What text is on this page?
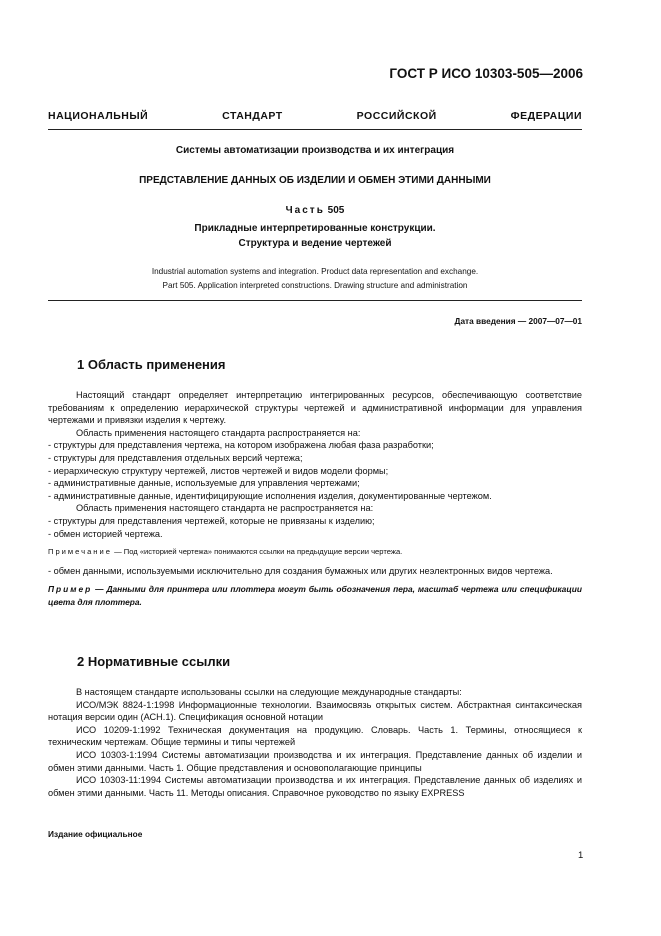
ГОСТ Р ИСО 10303-505—2006
НАЦИОНАЛЬНЫЙ СТАНДАРТ РОССИЙСКОЙ ФЕДЕРАЦИИ
Системы автоматизации производства и их интеграция
ПРЕДСТАВЛЕНИЕ ДАННЫХ ОБ ИЗДЕЛИИ И ОБМЕН ЭТИМИ ДАННЫМИ
Часть 505
Прикладные интерпретированные конструкции.
Структура и ведение чертежей
Industrial automation systems and integration. Product data representation and exchange.
Part 505. Application interpreted constructions. Drawing structure and administration
Дата введения — 2007—07—01
1 Область применения

Настоящий стандарт определяет интерпретацию интегрированных ресурсов, обеспечивающую соответствие требованиям к определению иерархической структуры чертежей и административной информации для управления чертежами и привязки изделия к чертежу.

Область применения настоящего стандарта распространяется на:

- структуры для представления чертежа, на котором изображена любая фаза разработки;

- структуры для представления отдельных версий чертежа;

- иерархическую структуру чертежей, листов чертежей и видов модели формы;

- административные данные, используемые для управления чертежами;

- административные данные, идентифицирующие исполнения изделия, документированные чертежом.

Область применения настоящего стандарта не распространяется на:

- структуры для представления чертежей, которые не привязаны к изделию;

- обмен историей чертежа.

Примечание — Под «историей чертежа» понимаются ссылки на предыдущие версии чертежа.

- обмен данными, используемыми исключительно для создания бумажных или других неэлектронных видов чертежа.

Пример — Данными для принтера или плоттера могут быть обозначения пера, масштаб чертежа или спецификации цвета для плоттера.

2 Нормативные ссылки

В настоящем стандарте использованы ссылки на следующие международные стандарты:

ИСО/МЭК 8824-1:1998 Информационные технологии. Взаимосвязь открытых систем. Абстрактная синтаксическая нотация версии один (АСН.1). Спецификация основной нотации

ИСО 10209-1:1992 Техническая документация на продукцию. Словарь. Часть 1. Термины, относящиеся к техническим чертежам. Общие термины и типы чертежей

ИСО 10303-1:1994 Системы автоматизации производства и их интеграция. Представление данных об изделии и обмен этими данными. Часть 1. Общие представления и основополагающие принципы

ИСО 10303-11:1994 Системы автоматизации производства и их интеграция. Представление данных об изделиях и обмен этими данными. Часть 11. Методы описания. Справочное руководство по языку EXPRESS

Издание официальное
1
